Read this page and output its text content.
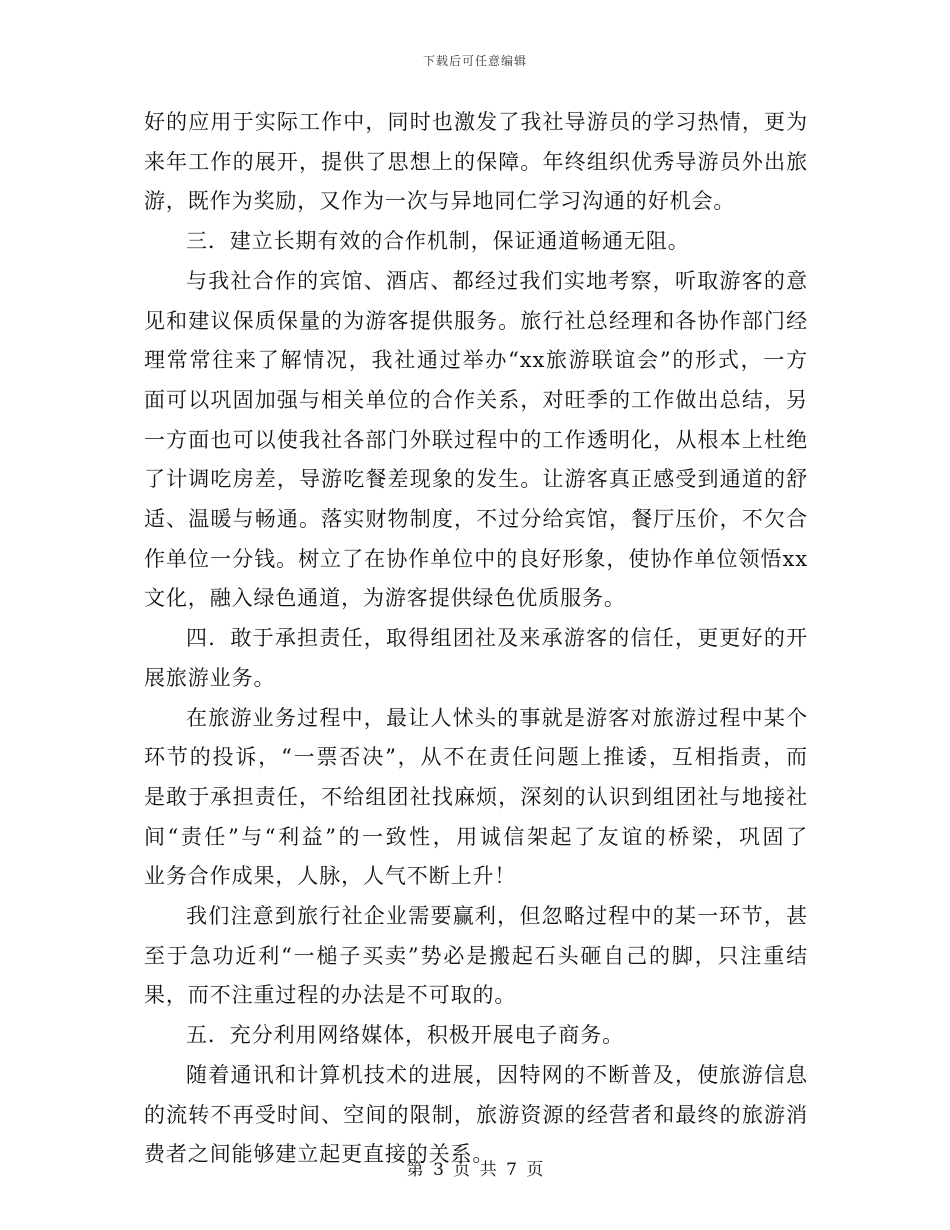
下载后可任意编辑

好的应用于实际工作中，同时也激发了我社导游员的学习热情，更为
来年工作的展开，提供了思想上的保障。年终组织优秀导游员外出旅
游，既作为奖励，又作为一次与异地同仁学习沟通的好机会。

三．建立长期有效的合作机制，保证通道畅通无阻。

与我社合作的宾馆、酒店、都经过我们实地考察，听取游客的意
见和建议保质保量的为游客提供服务。旅行社总经理和各协作部门经
理常常往来了解情况，我社通过举办“xx旅游联谊会”的形式，一方
面可以巩固加强与相关单位的合作关系，对旺季的工作做出总结，另
一方面也可以使我社各部门外联过程中的工作透明化，从根本上杜绝
了计调吃房差，导游吃餐差现象的发生。让游客真正感受到通道的舒
适、温暖与畅通。落实财物制度，不过分给宾馆，餐厅压价，不欠合
作单位一分钱。树立了在协作单位中的良好形象，使协作单位领悟xx
文化，融入绿色通道，为游客提供绿色优质服务。

四．敢于承担责任，取得组团社及来承游客的信任，更更好的开
展旅游业务。

在旅游业务过程中，最让人怵头的事就是游客对旅游过程中某个
环节的投诉，“一票否决”，从不在责任问题上推诿，互相指责，而
是敢于承担责任，不给组团社找麻烦，深刻的认识到组团社与地接社
间“责任”与“利益”的一致性，用诚信架起了友谊的桥梁，巩固了
业务合作成果，人脉，人气不断上升！

我们注意到旅行社企业需要赢利，但忽略过程中的某一环节，甚
至于急功近利“一槌子买卖”势必是搬起石头砸自己的脚，只注重结
果，而不注重过程的办法是不可取的。

五．充分利用网络媒体，积极开展电子商务。

随着通讯和计算机技术的进展，因特网的不断普及，使旅游信息
的流转不再受时间、空间的限制，旅游资源的经营者和最终的旅游消
费者之间能够建立起更直接的关系。

第 3 页 共 7 页
